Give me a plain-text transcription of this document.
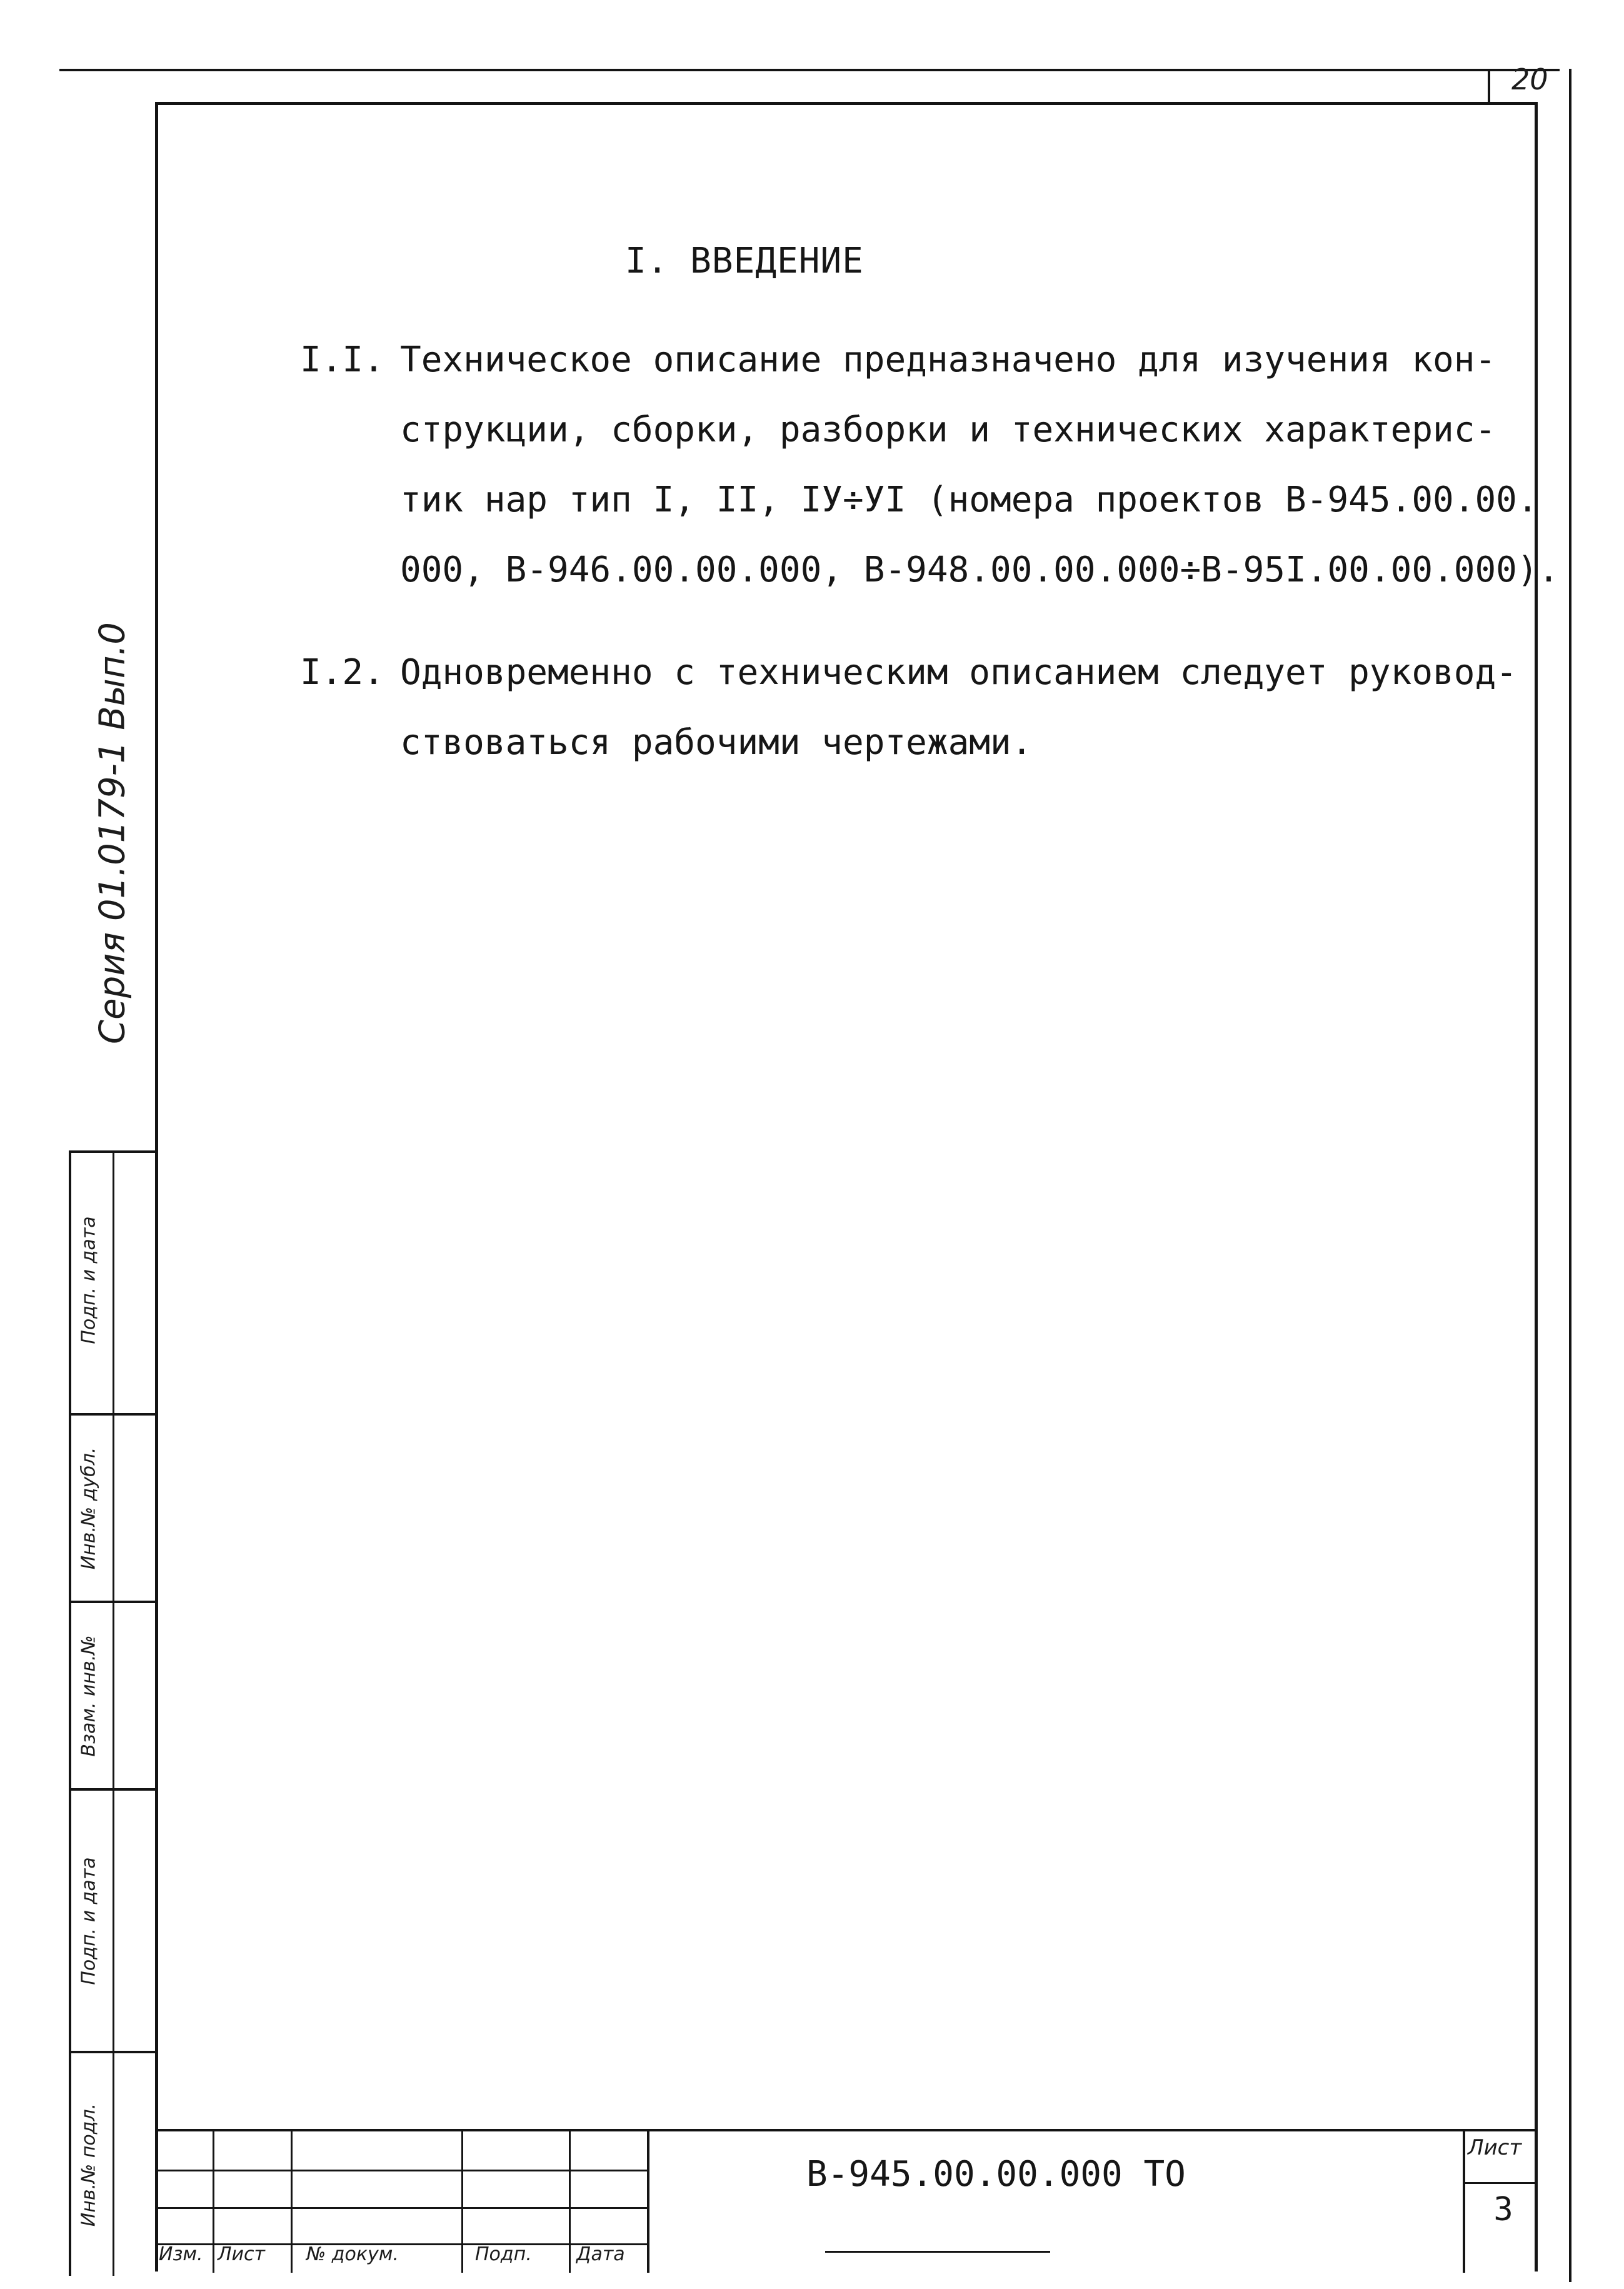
20
Подп. и дата
Инв.№ дубл.
Взам. инв.№
Подп. и дата
Инв.№ подл.
Серия 01.0179-1 Вып.0
I. ВВЕДЕНИЕ
I.I. Техническое описание предназначено для изучения кон-
струкции, сборки, разборки и технических характерис-
тик нар тип I, II, IУ÷УI (номера проектов В-945.00.00.
000, В-946.00.00.000, В-948.00.00.000÷В-95I.00.00.000).
I.2. Одновременно с техническим описанием следует руковод-
ствоваться рабочими чертежами.
Изм. Лист № докум.	Подп. Дата
В-945.00.00.000 ТО
Лист
3
